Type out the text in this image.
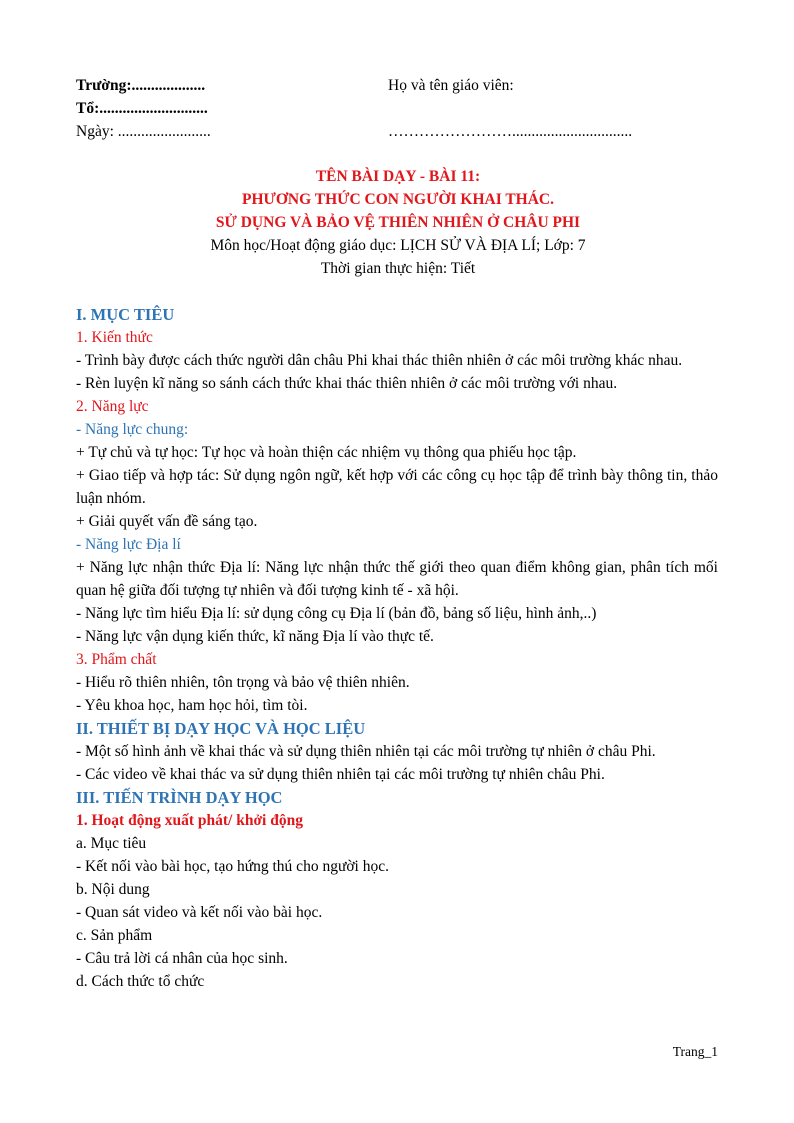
Trường:...................
Tổ:............................
Ngày: ........................
Họ và tên giáo viên:

……………………...............................
TÊN BÀI DẠY - BÀI 11:
PHƯƠNG THỨC CON NGƯỜI KHAI THÁC.
SỬ DỤNG VÀ BẢO VỆ THIÊN NHIÊN Ở CHÂU PHI
Môn học/Hoạt động giáo dục: LỊCH SỬ VÀ ĐỊA LÍ; Lớp: 7
Thời gian thực hiện: Tiết

I. MỤC TIÊU

1. Kiến thức

- Trình bày được cách thức người dân châu Phi khai thác thiên nhiên ở các môi trường khác nhau.

- Rèn luyện kĩ năng so sánh cách thức khai thác thiên nhiên ở các môi trường với nhau.

2. Năng lực

- Năng lực chung:

+ Tự chủ và tự học: Tự học và hoàn thiện các nhiệm vụ thông qua phiếu học tập.

+ Giao tiếp và hợp tác: Sử dụng ngôn ngữ, kết hợp với các công cụ học tập để trình bày thông tin, thảo luận nhóm.

+ Giải quyết vấn đề sáng tạo.

- Năng lực Địa lí

+ Năng lực nhận thức Địa lí: Năng lực nhận thức thế giới theo quan điểm không gian, phân tích mối quan hệ giữa đối tượng tự nhiên và đối tượng kinh tế - xã hội.

- Năng lực tìm hiểu Địa lí: sử dụng công cụ Địa lí (bản đồ, bảng số liệu, hình ảnh,..)

- Năng lực vận dụng kiến thức, kĩ năng Địa lí vào thực tế.

3. Phẩm chất

- Hiểu rõ thiên nhiên, tôn trọng và bảo vệ thiên nhiên.

- Yêu khoa học, ham học hỏi, tìm tòi.

II. THIẾT BỊ DẠY HỌC VÀ HỌC LIỆU

- Một số hình ảnh về khai thác và sử dụng thiên nhiên tại các môi trường tự nhiên ở châu Phi.

- Các video về khai thác va sử dụng thiên nhiên tại các môi trường tự nhiên châu Phi.

III. TIẾN TRÌNH DẠY HỌC

1. Hoạt động xuất phát/ khởi động

a. Mục tiêu

- Kết nối vào bài học, tạo hứng thú cho người học.

b. Nội dung

- Quan sát video và kết nối vào bài học.

c. Sản phẩm

- Câu trả lời cá nhân của học sinh.

d. Cách thức tổ chức

Trang_1
